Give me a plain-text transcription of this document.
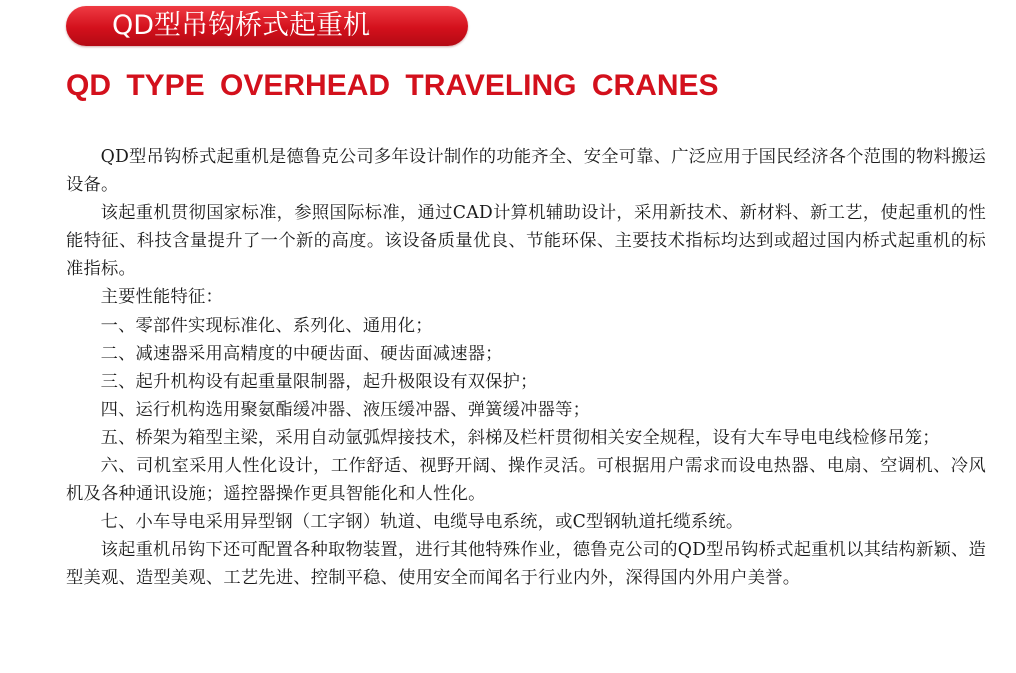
QD型吊钩桥式起重机
QD TYPE OVERHEAD TRAVELING CRANES

QD型吊钩桥式起重机是德鲁克公司多年设计制作的功能齐全、安全可靠、广泛应用于国民经济各个范围的物料搬运设备。

该起重机贯彻国家标准，参照国际标准，通过CAD计算机辅助设计，采用新技术、新材料、新工艺，使起重机的性能特征、科技含量提升了一个新的高度。该设备质量优良、节能环保、主要技术指标均达到或超过国内桥式起重机的标准指标。

主要性能特征：

一、零部件实现标准化、系列化、通用化；

二、减速器采用高精度的中硬齿面、硬齿面减速器；

三、起升机构设有起重量限制器，起升极限设有双保护；

四、运行机构选用聚氨酯缓冲器、液压缓冲器、弹簧缓冲器等；

五、桥架为箱型主梁，采用自动氩弧焊接技术，斜梯及栏杆贯彻相关安全规程，设有大车导电电线检修吊笼；

六、司机室采用人性化设计，工作舒适、视野开阔、操作灵活。可根据用户需求而设电热器、电扇、空调机、冷风机及各种通讯设施；遥控器操作更具智能化和人性化。

七、小车导电采用异型钢（工字钢）轨道、电缆导电系统，或C型钢轨道托缆系统。

该起重机吊钩下还可配置各种取物装置，进行其他特殊作业，德鲁克公司的QD型吊钩桥式起重机以其结构新颖、造型美观、造型美观、工艺先进、控制平稳、使用安全而闻名于行业内外，深得国内外用户美誉。
